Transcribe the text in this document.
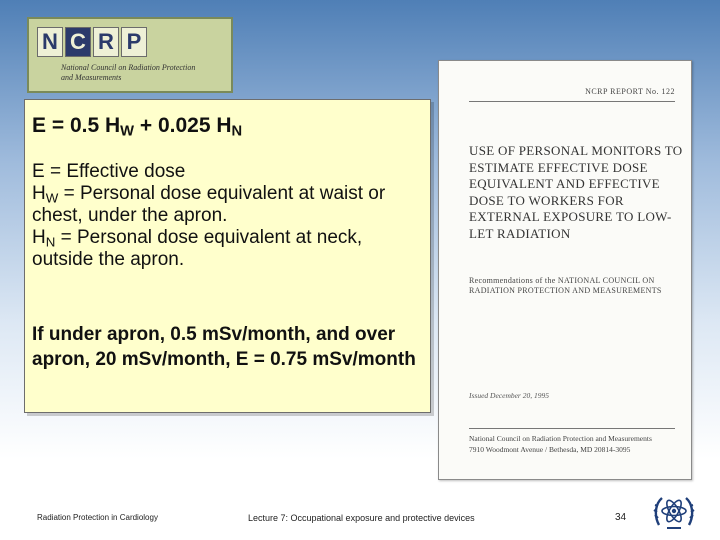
N C R P
National Council on Radiation Protection
and Measurements
NCRP REPORT No. 122
USE OF PERSONAL MONITORS TO ESTIMATE EFFECTIVE DOSE EQUIVALENT AND EFFECTIVE DOSE TO WORKERS FOR EXTERNAL EXPOSURE TO LOW-LET RADIATION
Recommendations of the NATIONAL COUNCIL ON RADIATION PROTECTION AND MEASUREMENTS
Issued December 20, 1995
National Council on Radiation Protection and Measurements
7910 Woodmont Avenue / Bethesda, MD 20814-3095
E = 0.5 $H_W + 0.025$ $H_N$
E = Effective dose
$H_W$ = Personal dose equivalent at waist or chest, under the apron.
$H_N$ = Personal dose equivalent at neck, outside the apron.
If under apron, 0.5 mSv/month, and over apron, 20 mSv/month, E = 0.75 mSv/month
Radiation Protection in Cardiology	Lecture 7: Occupational exposure and protective devices	34
